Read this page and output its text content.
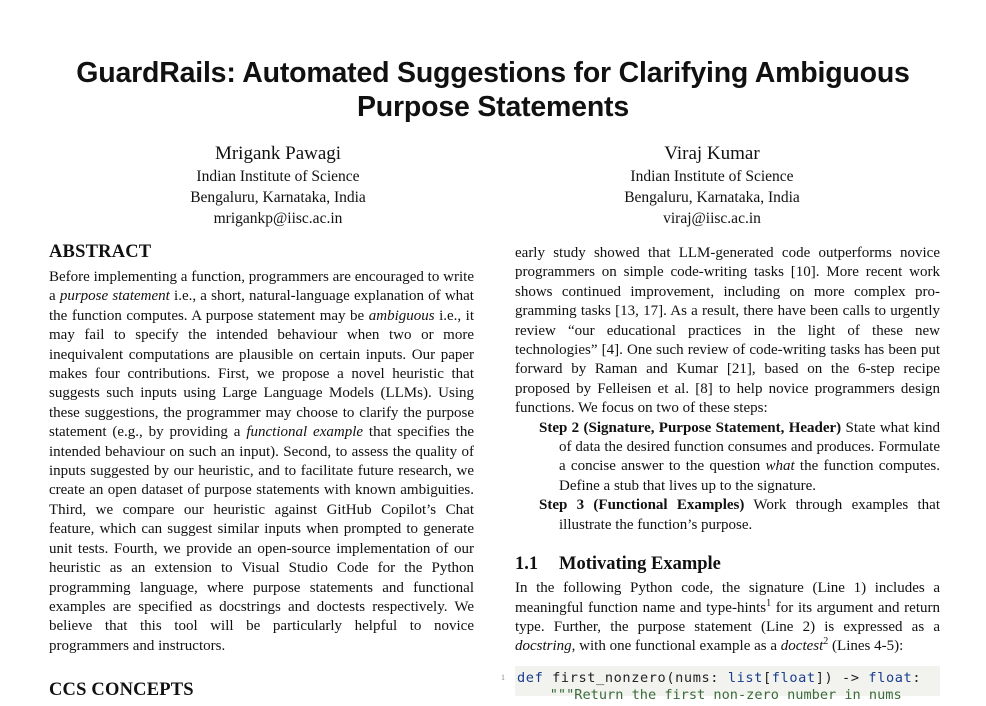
GuardRails: Automated Suggestions for Clarifying Ambiguous
Purpose Statements
Mrigank Pawagi
Indian Institute of Science
Bengaluru, Karnataka, India
mrigankp@iisc.ac.in
Viraj Kumar
Indian Institute of Science
Bengaluru, Karnataka, India
viraj@iisc.ac.in
ABSTRACT

Before implementing a function, programmers are encouraged to write a purpose statement i.e., a short, natural-language explanation of what the function computes. A purpose statement may be ambiguous i.e., it may fail to specify the intended behaviour when two or more inequivalent computations are plausible on certain inputs. Our paper makes four contributions. First, we propose a novel heuristic that suggests such inputs using Large Language Models (LLMs). Using these suggestions, the programmer may choose to clarify the purpose statement (e.g., by providing a functional example that specifies the intended behaviour on such an input). Second, to assess the quality of inputs suggested by our heuristic, and to facilitate future research, we create an open dataset of purpose statements with known ambiguities. Third, we compare our heuristic against GitHub Copilot’s Chat feature, which can suggest similar inputs when prompted to generate unit tests. Fourth, we provide an open-source implementation of our heuristic as an extension to Visual Studio Code for the Python programming language, where purpose statements and functional examples are specified as docstrings and doctests respectively. We believe that this tool will be particularly helpful to novice programmers and instructors.

CCS CONCEPTS

early study showed that LLM-generated code outperforms novice programmers on simple code-writing tasks [10]. More recent work shows continued improvement, including on more complex programming tasks [13, 17]. As a result, there have been calls to urgently review “our educational practices in the light of these new technologies” [4]. One such review of code-writing tasks has been put forward by Raman and Kumar [21], based on the 6-step recipe proposed by Felleisen et al. [8] to help novice programmers design functions. We focus on two of these steps:

Step 2 (Signature, Purpose Statement, Header) State what kind of data the desired function consumes and produces. Formulate a concise answer to the question what the function computes. Define a stub that lives up to the signature.

Step 3 (Functional Examples) Work through examples that illustrate the function’s purpose.

1.1 Motivating Example

In the following Python code, the signature (Line 1) includes a meaningful function name and type-hints$^1$ for its argument and return type. Further, the purpose statement (Line 2) is expressed as a docstring, with one functional example as a doctest$^2$ (Lines 4-5):

1 def first_nonzero(nums: list[float]) -> float:
"""Return the first non-zero number in nums
